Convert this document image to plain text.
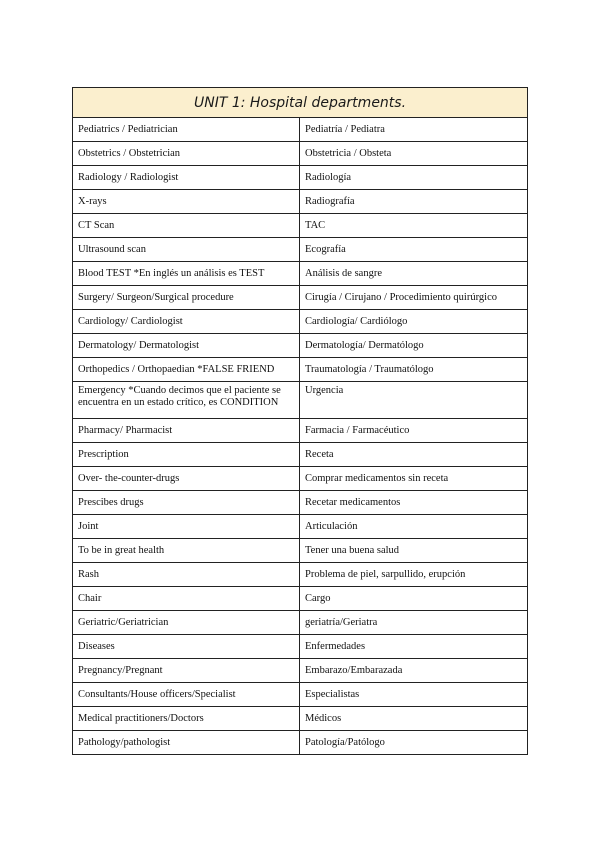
UNIT 1: Hospital departments.	
Pediatrics / Pediatrician	Pediatría / Pediatra
Obstetrics / Obstetrician	Obstetricia / Obsteta
Radiology / Radiologist	Radiología
X-rays	Radiografía
CT Scan	TAC
Ultrasound scan	Ecografía
Blood TEST *En inglés un análisis es TEST	Análisis de sangre
Surgery/ Surgeon/Surgical procedure	Cirugía / Cirujano / Procedimiento quirúrgico
Cardiology/ Cardiologist	Cardiología/ Cardiólogo
Dermatology/ Dermatologist	Dermatología/ Dermatólogo
Orthopedics / Orthopaedian *FALSE FRIEND	Traumatología / Traumatólogo
Emergency *Cuando decimos que el paciente se encuentra en un estado crítico, es CONDITION	Urgencia
Pharmacy/ Pharmacist	Farmacia / Farmacéutico
Prescription	Receta
Over- the-counter-drugs	Comprar medicamentos sin receta
Prescibes drugs	Recetar medicamentos
Joint	Articulación
To be in great health	Tener una buena salud
Rash	Problema de piel, sarpullido, erupción
Chair	Cargo
Geriatric/Geriatrician	geriatría/Geriatra
Diseases	Enfermedades
Pregnancy/Pregnant	Embarazo/Embarazada
Consultants/House officers/Specialist	Especialistas
Medical practitioners/Doctors	Médicos
Pathology/pathologist	Patología/Patólogo
